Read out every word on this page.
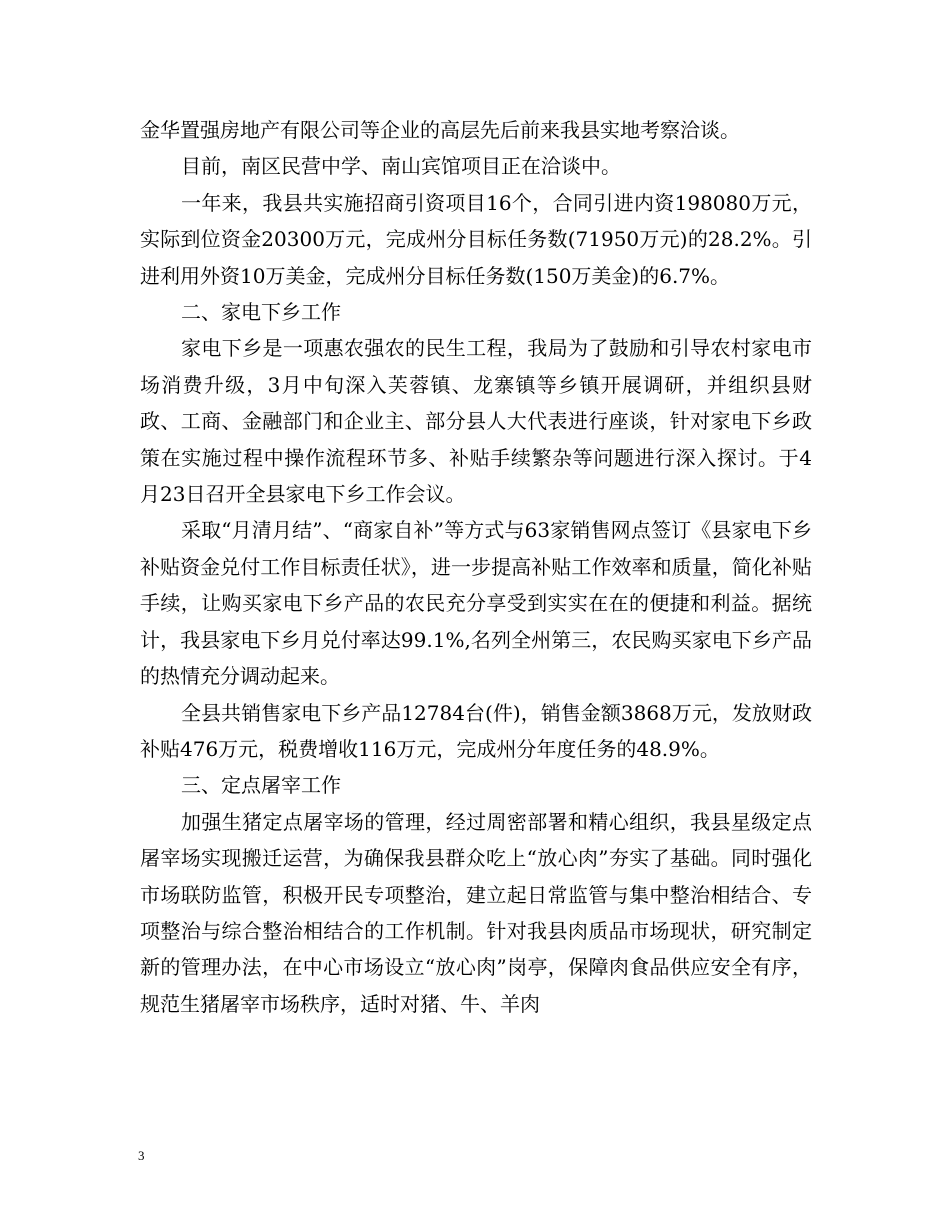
金华置强房地产有限公司等企业的高层先后前来我县实地考察洽谈。

目前，南区民营中学、南山宾馆项目正在洽谈中。

一年来，我县共实施招商引资项目16个，合同引进内资198080万元，实际到位资金20300万元，完成州分目标任务数(71950万元)的28.2%。引进利用外资10万美金，完成州分目标任务数(150万美金)的6.7%。

二、家电下乡工作

家电下乡是一项惠农强农的民生工程，我局为了鼓励和引导农村家电市场消费升级，3月中旬深入芙蓉镇、龙寨镇等乡镇开展调研，并组织县财政、工商、金融部门和企业主、部分县人大代表进行座谈，针对家电下乡政策在实施过程中操作流程环节多、补贴手续繁杂等问题进行深入探讨。于4月23日召开全县家电下乡工作会议。

采取“月清月结”、“商家自补”等方式与63家销售网点签订《县家电下乡补贴资金兑付工作目标责任状》，进一步提高补贴工作效率和质量，简化补贴手续，让购买家电下乡产品的农民充分享受到实实在在的便捷和利益。据统计，我县家电下乡月兑付率达99.1%,名列全州第三，农民购买家电下乡产品的热情充分调动起来。

全县共销售家电下乡产品12784台(件)，销售金额3868万元，发放财政补贴476万元，税费增收116万元，完成州分年度任务的48.9%。

三、定点屠宰工作

加强生猪定点屠宰场的管理，经过周密部署和精心组织，我县星级定点屠宰场实现搬迁运营，为确保我县群众吃上“放心肉”夯实了基础。同时强化市场联防监管，积极开民专项整治，建立起日常监管与集中整治相结合、专项整治与综合整治相结合的工作机制。针对我县肉质品市场现状，研究制定新的管理办法，在中心市场设立“放心肉”岗亭，保障肉食品供应安全有序，规范生猪屠宰市场秩序，适时对猪、牛、羊肉

3
